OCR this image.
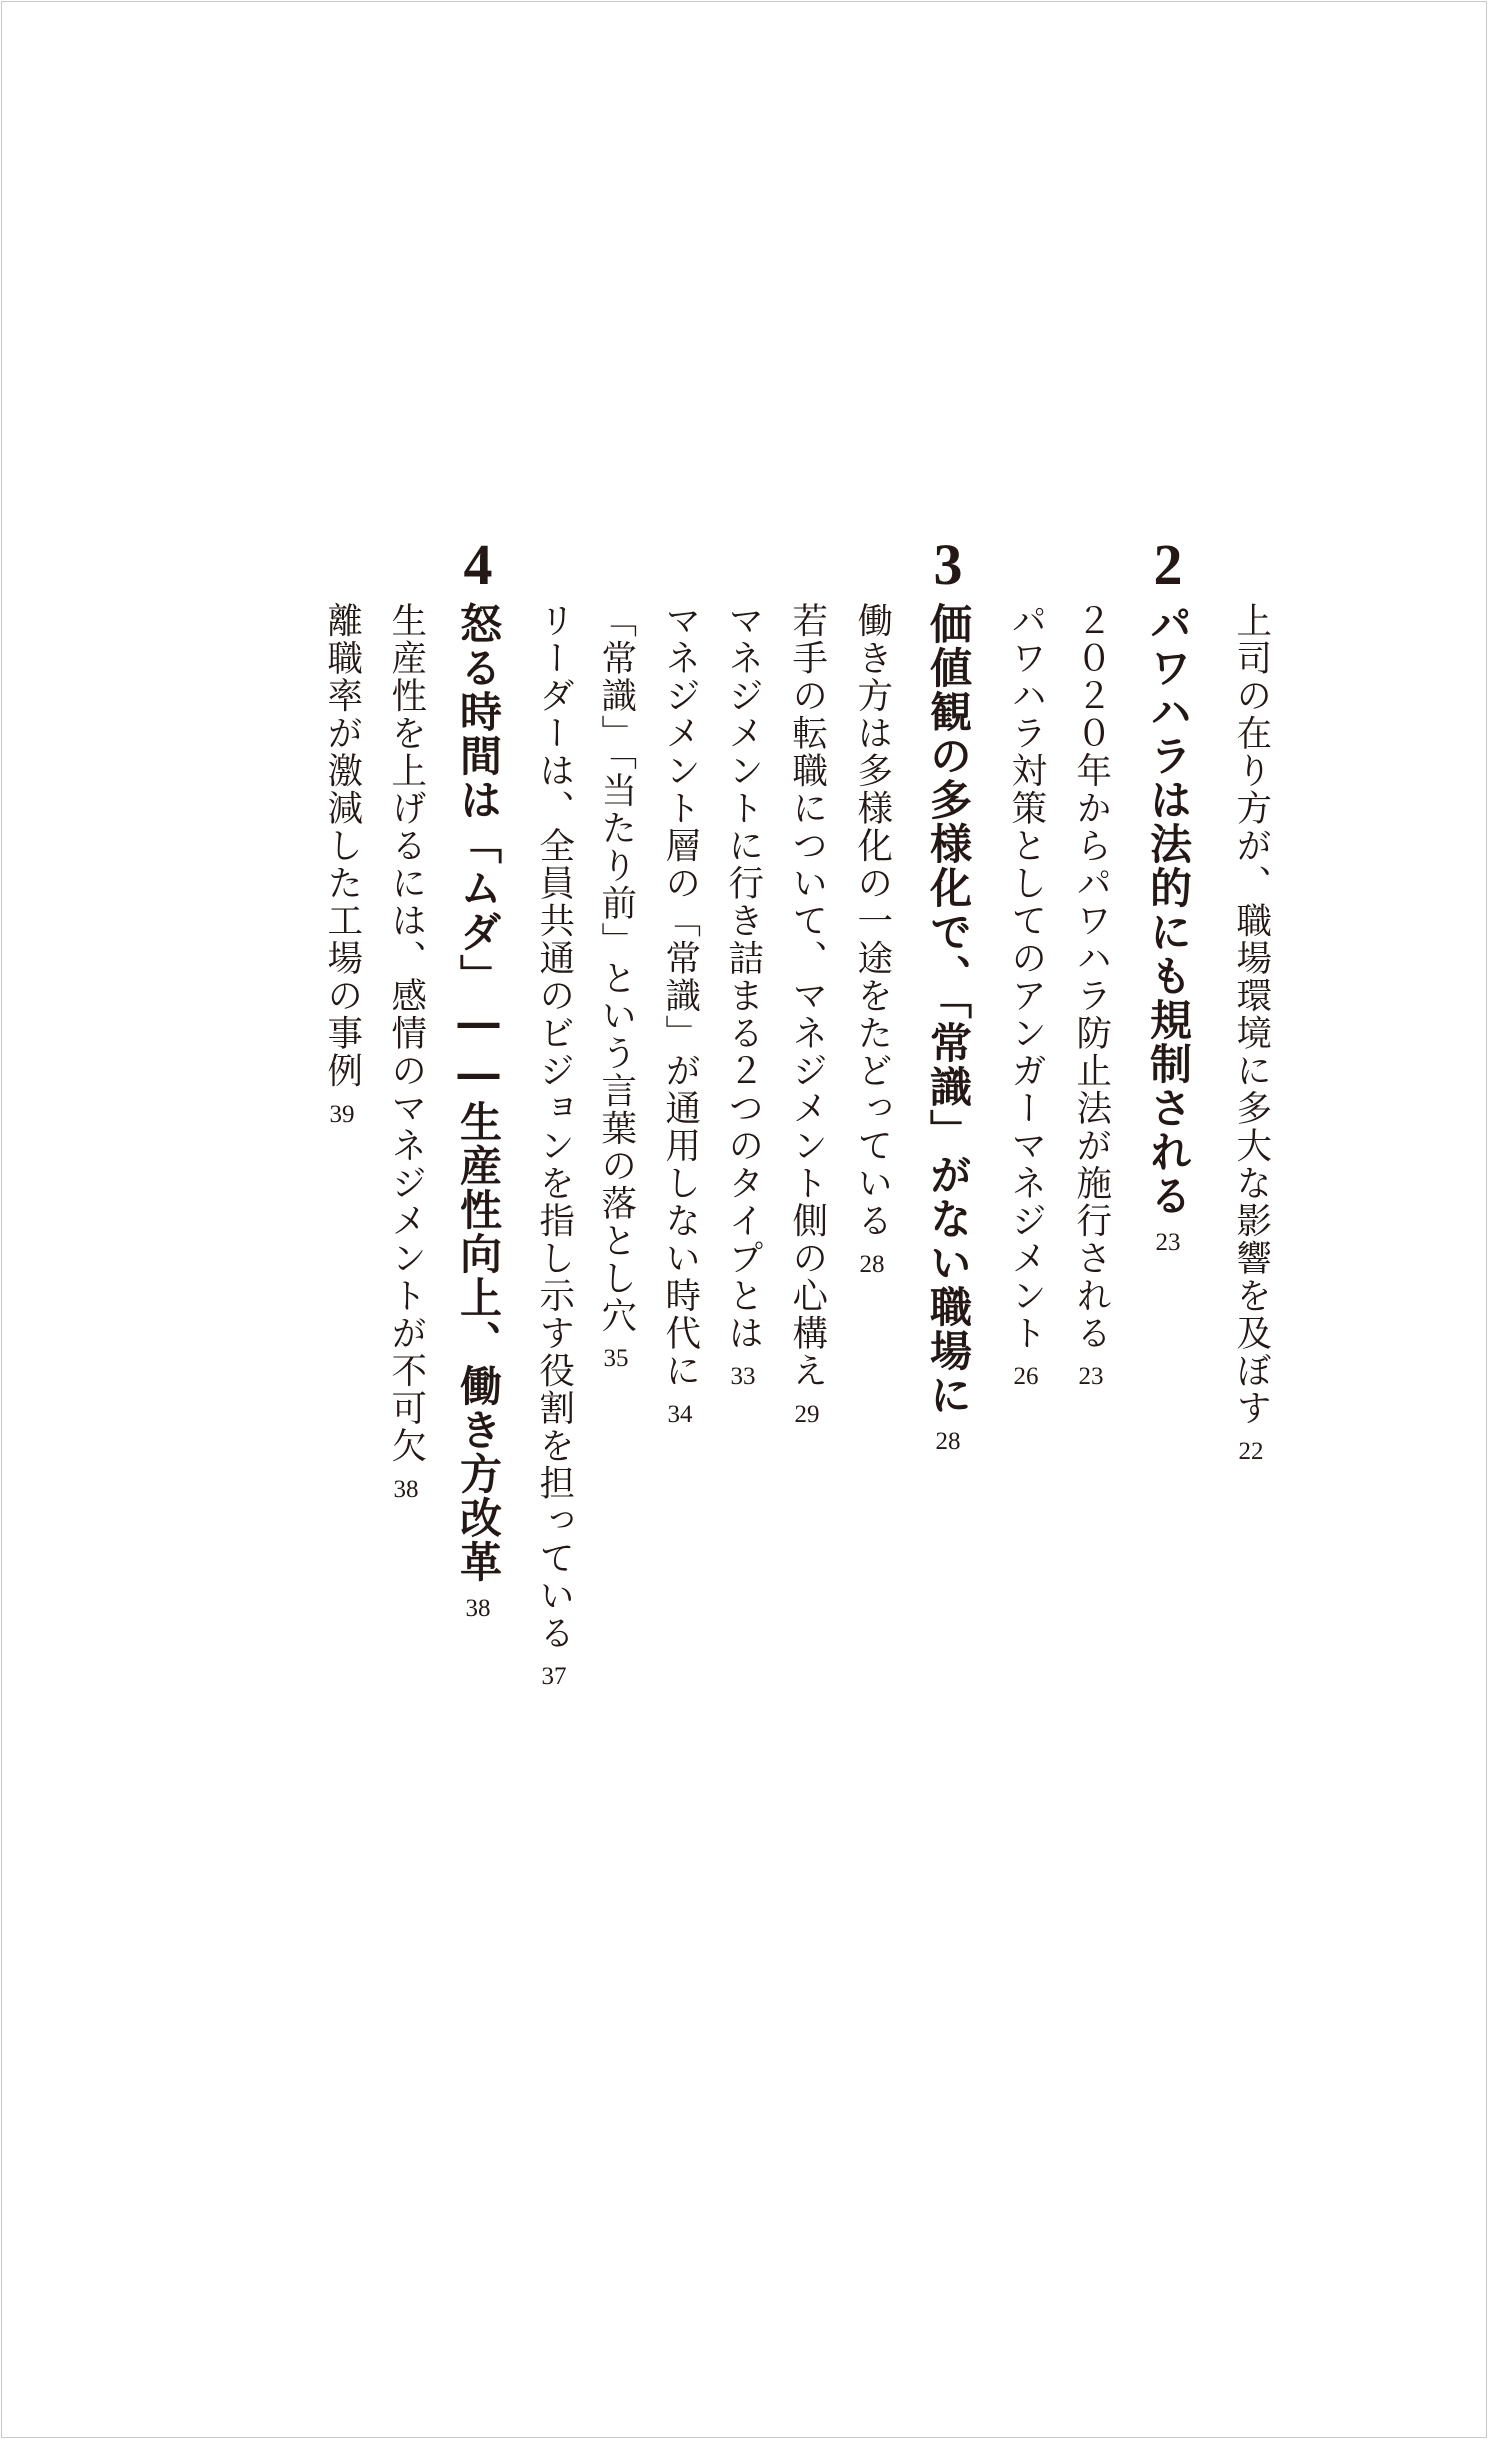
上司の在り方が、職場環境に多大な影響を及ぼす
22
2
パワハラは法的にも規制される
23
２０２０年からパワハラ防止法が施行される
23
パワハラ対策としてのアンガーマネジメント
26
3
価値観の多様化で、「常識」がない職場に
28
働き方は多様化の一途をたどっている
28
若手の転職について、マネジメント側の心構え
29
マネジメントに行き詰まる２つのタイプとは
33
マネジメント層の「常識」が通用しない時代に
34
「常識」「当たり前」という言葉の落とし穴
35
リーダーは、全員共通のビジョンを指し示す役割を担っている
37
4
怒る時間は「ムダ」――生産性向上、働き方改革
38
生産性を上げるには、感情のマネジメントが不可欠
38
離職率が激減した工場の事例
39
